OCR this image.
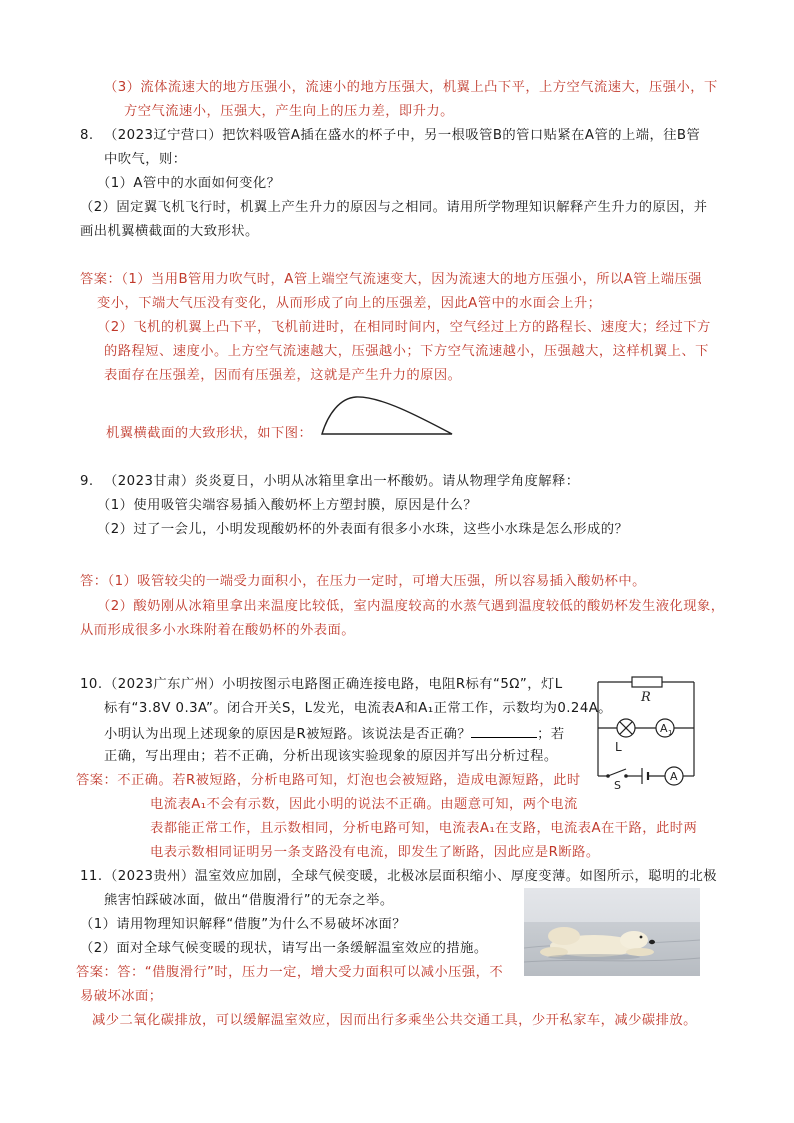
（3）流体流速大的地方压强小，流速小的地方压强大，机翼上凸下平，上方空气流速大，压强小，下
方空气流速小，压强大，产生向上的压力差，即升力。
8. （2023辽宁营口）把饮料吸管A插在盛水的杯子中，另一根吸管B的管口贴紧在A管的上端，往B管
中吹气，则：
（1）A管中的水面如何变化？
（2）固定翼飞机飞行时，机翼上产生升力的原因与之相同。请用所学物理知识解释产生升力的原因，并
画出机翼横截面的大致形状。
答案：（1）当用B管用力吹气时，A管上端空气流速变大，因为流速大的地方压强小，所以A管上端压强
变小，下端大气压没有变化，从而形成了向上的压强差，因此A管中的水面会上升；
（2）飞机的机翼上凸下平，飞机前进时，在相同时间内，空气经过上方的路程长、速度大；经过下方
的路程短、速度小。上方空气流速越大，压强越小；下方空气流速越小，压强越大，这样机翼上、下
表面存在压强差，因而有压强差，这就是产生升力的原因。
机翼横截面的大致形状，如下图：
9. （2023甘肃）炎炎夏日，小明从冰箱里拿出一杯酸奶。请从物理学角度解释：
（1）使用吸管尖端容易插入酸奶杯上方塑封膜，原因是什么？
（2）过了一会儿，小明发现酸奶杯的外表面有很多小水珠，这些小水珠是怎么形成的？
答：（1）吸管较尖的一端受力面积小，在压力一定时，可增大压强，所以容易插入酸奶杯中。
（2）酸奶刚从冰箱里拿出来温度比较低，室内温度较高的水蒸气遇到温度较低的酸奶杯发生液化现象，
从而形成很多小水珠附着在酸奶杯的外表面。
10. （2023广东广州）小明按图示电路图正确连接电路，电阻R标有“5Ω”，灯L
标有“3.8V 0.3A”。闭合开关S，L发光，电流表A和A₁正常工作，示数均为0.24A。
小明认为出现上述现象的原因是R被短路。该说法是否正确？	；若
正确，写出理由；若不正确，分析出现该实验现象的原因并写出分析过程。
答案：不正确。若R被短路，分析电路可知，灯泡也会被短路，造成电源短路，此时
电流表A₁不会有示数，因此小明的说法不正确。由题意可知，两个电流
表都能正常工作，且示数相同，分析电路可知，电流表A₁在支路，电流表A在干路，此时两
电表示数相同证明另一条支路没有电流，即发生了断路，因此应是R断路。
R
A 1
L
S
A
11. （2023贵州）温室效应加剧，全球气候变暖，北极冰层面积缩小、厚度变薄。如图所示，聪明的北极
熊害怕踩破冰面，做出“借腹滑行”的无奈之举。
（1）请用物理知识解释“借腹”为什么不易破坏冰面？
（2）面对全球气候变暖的现状，请写出一条缓解温室效应的措施。
答案：答：“借腹滑行”时，压力一定，增大受力面积可以减小压强，不
易破坏冰面；
减少二氧化碳排放，可以缓解温室效应，因而出行多乘坐公共交通工具，少开私家车，减少碳排放。
